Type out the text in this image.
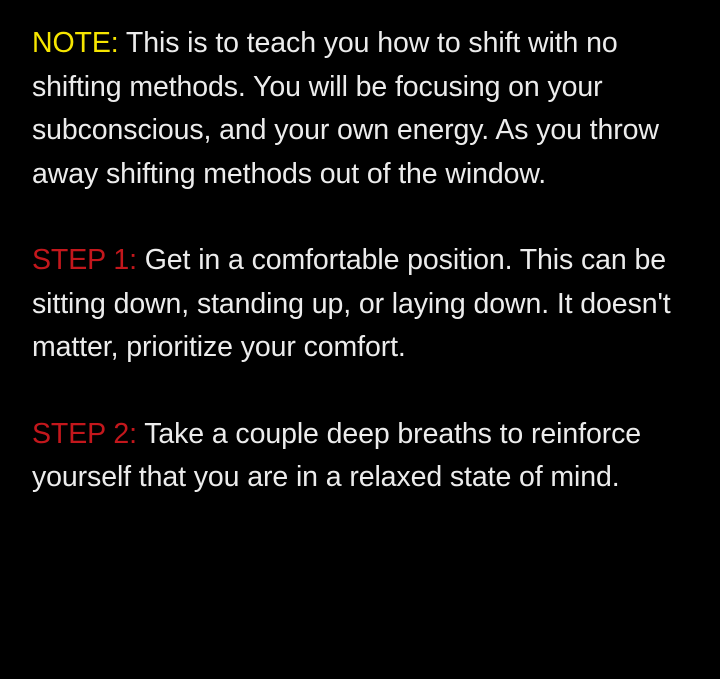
NOTE: This is to teach you how to shift with no shifting methods. You will be focusing on your subconscious, and your own energy. As you throw away shifting methods out of the window.

STEP 1: Get in a comfortable position. This can be sitting down, standing up, or laying down. It doesn't matter, prioritize your comfort.

STEP 2: Take a couple deep breaths to reinforce yourself that you are in a relaxed state of mind.
